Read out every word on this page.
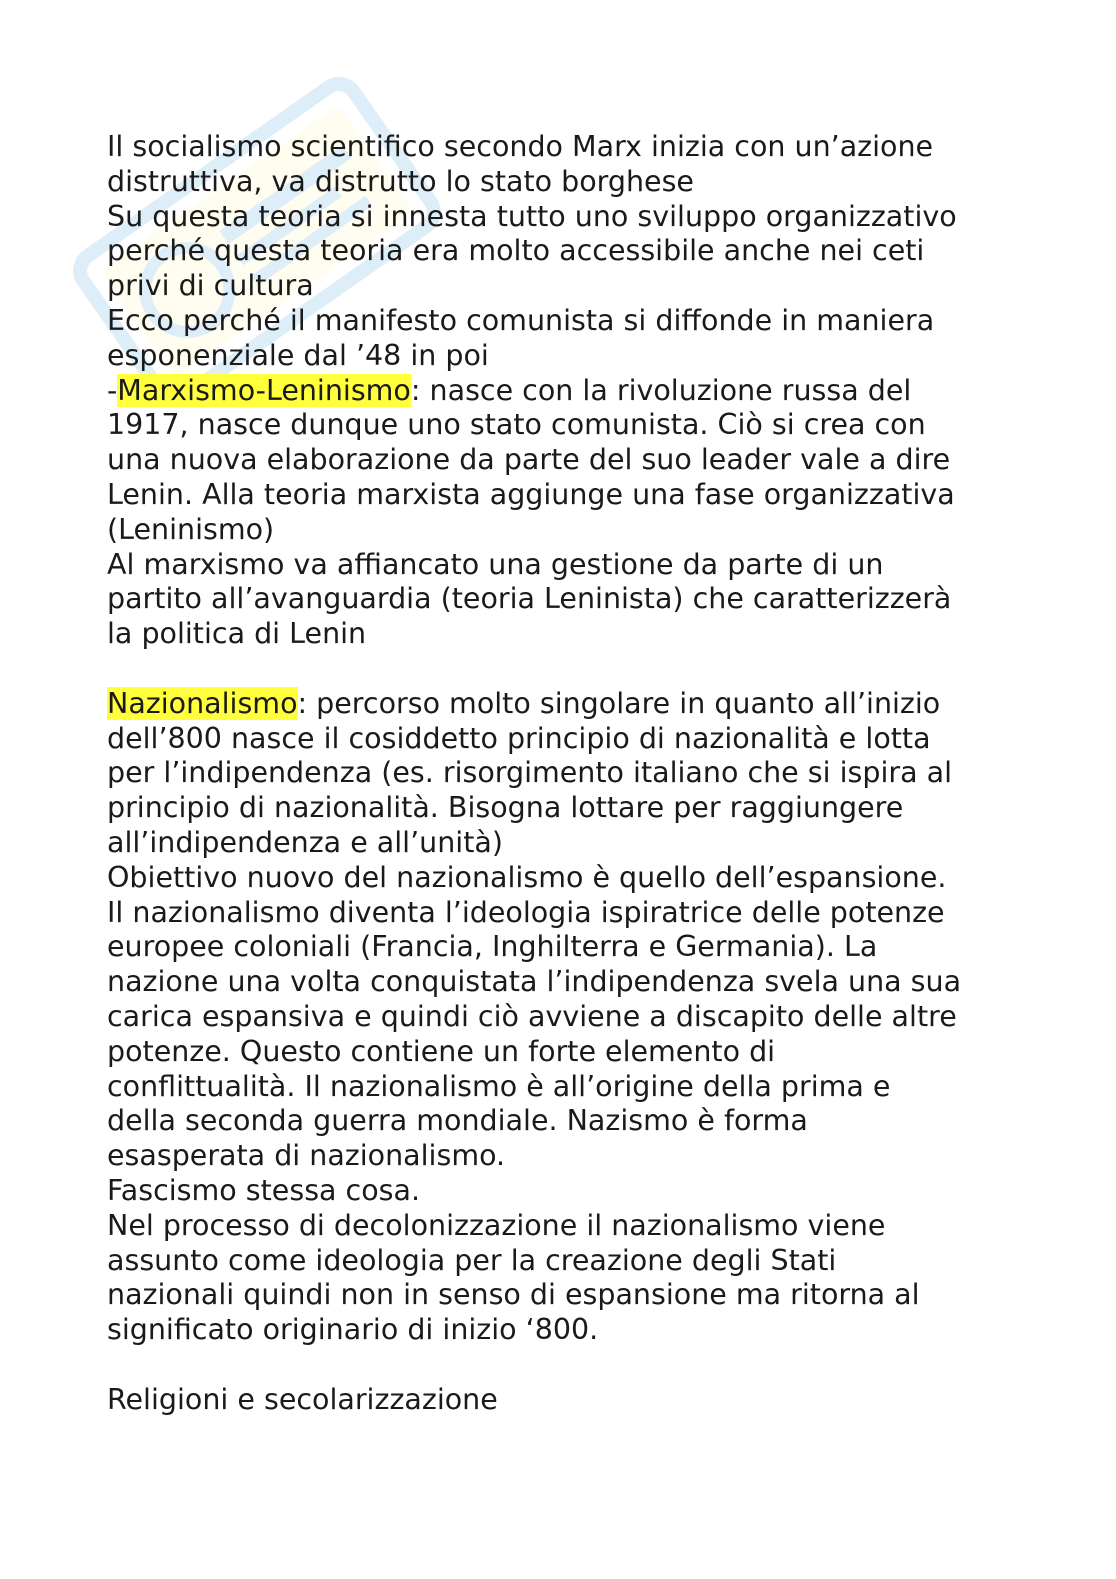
Il socialismo scientifico secondo Marx inizia con un’azione
distruttiva, va distrutto lo stato borghese
Su questa teoria si innesta tutto uno sviluppo organizzativo
perché questa teoria era molto accessibile anche nei ceti
privi di cultura
Ecco perché il manifesto comunista si diffonde in maniera
esponenziale dal ’48 in poi
-Marxismo-Leninismo: nasce con la rivoluzione russa del
1917, nasce dunque uno stato comunista. Ciò si crea con
una nuova elaborazione da parte del suo leader vale a dire
Lenin. Alla teoria marxista aggiunge una fase organizzativa
(Leninismo)
Al marxismo va affiancato una gestione da parte di un
partito all’avanguardia (teoria Leninista) che caratterizzerà
la politica di Lenin
Nazionalismo: percorso molto singolare in quanto all’inizio
dell’800 nasce il cosiddetto principio di nazionalità e lotta
per l’indipendenza (es. risorgimento italiano che si ispira al
principio di nazionalità. Bisogna lottare per raggiungere
all’indipendenza e all’unità)
Obiettivo nuovo del nazionalismo è quello dell’espansione.
Il nazionalismo diventa l’ideologia ispiratrice delle potenze
europee coloniali (Francia, Inghilterra e Germania). La
nazione una volta conquistata l’indipendenza svela una sua
carica espansiva e quindi ciò avviene a discapito delle altre
potenze. Questo contiene un forte elemento di
conflittualità. Il nazionalismo è all’origine della prima e
della seconda guerra mondiale. Nazismo è forma
esasperata di nazionalismo.
Fascismo stessa cosa.
Nel processo di decolonizzazione il nazionalismo viene
assunto come ideologia per la creazione degli Stati
nazionali quindi non in senso di espansione ma ritorna al
significato originario di inizio ‘800.
Religioni e secolarizzazione
